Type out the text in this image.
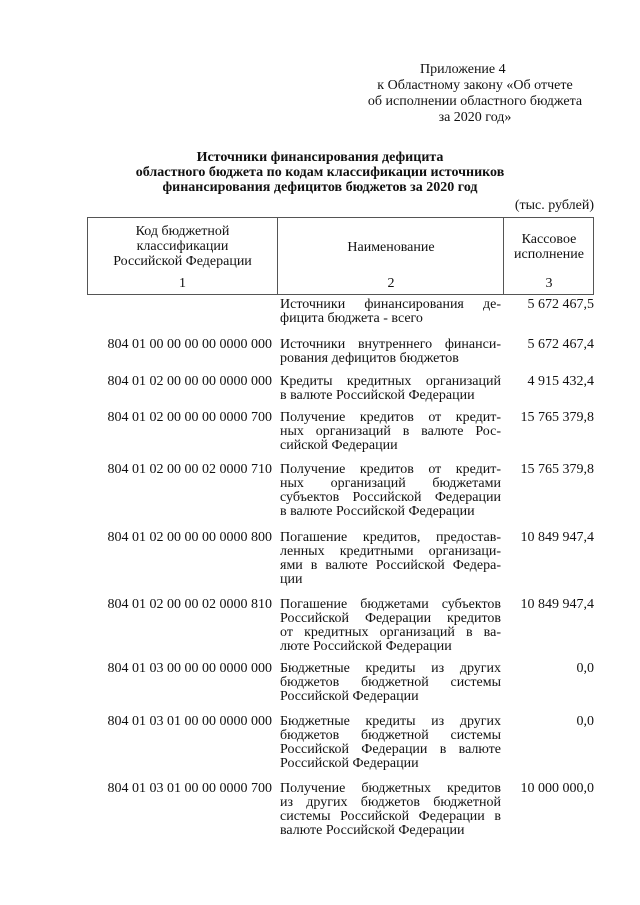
Приложение 4
к Областному закону «Об отчете
об исполнении областного бюджета
за 2020 год»
Источники финансирования дефицита
областного бюджета по кодам классификации источников
финансирования дефицитов бюджетов за 2020 год
(тыс. рублей)
Код бюджетной
классификации
Российской Федерации
1
Наименование
2
Кассовое
исполнение
3
Источники финансирования де-
фицита бюджета - всего
5 672 467,5
804 01 00 00 00 00 0000 000 Источники внутреннего финанси-
рования дефицитов бюджетов
5 672 467,4
804 01 02 00 00 00 0000 000 Кредиты кредитных организаций
в валюте Российской Федерации
4 915 432,4
804 01 02 00 00 00 0000 700 Получение кредитов от кредит-
ных организаций в валюте Рос-
сийской Федерации
15 765 379,8
804 01 02 00 00 02 0000 710 Получение кредитов от кредит-
ных организаций бюджетами
субъектов Российской Федерации
в валюте Российской Федерации
15 765 379,8
804 01 02 00 00 00 0000 800 Погашение кредитов, предостав-
ленных кредитными организаци-
ями в валюте Российской Федера-
ции
10 849 947,4
804 01 02 00 00 02 0000 810 Погашение бюджетами субъектов
Российской Федерации кредитов
от кредитных организаций в ва-
люте Российской Федерации
10 849 947,4
804 01 03 00 00 00 0000 000 Бюджетные кредиты из других
бюджетов бюджетной системы
Российской Федерации
0,0
804 01 03 01 00 00 0000 000 Бюджетные кредиты из других
бюджетов бюджетной системы
Российской Федерации в валюте
Российской Федерации
0,0
804 01 03 01 00 00 0000 700 Получение бюджетных кредитов
из других бюджетов бюджетной
системы Российской Федерации в
валюте Российской Федерации
10 000 000,0
